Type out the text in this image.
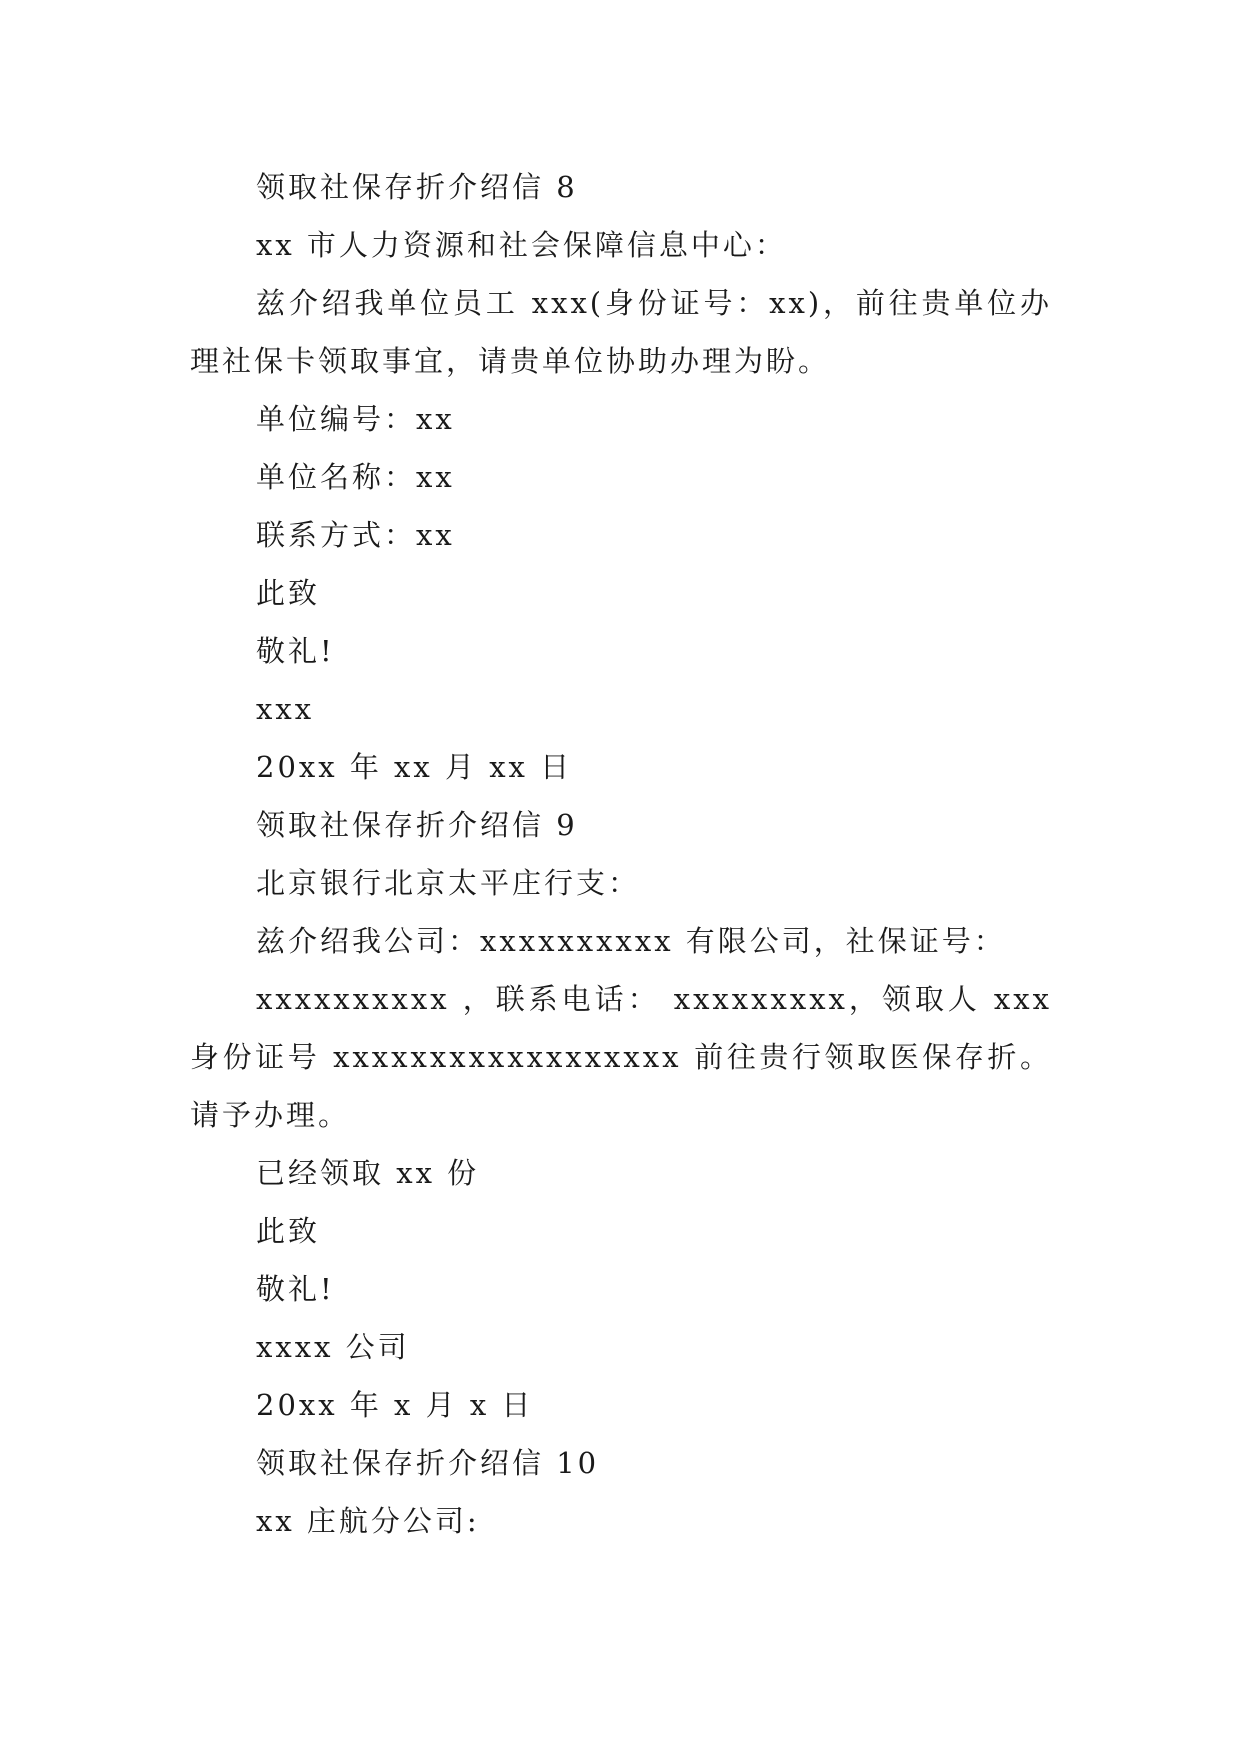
领取社保存折介绍信 8

xx 市人力资源和社会保障信息中心：

兹介绍我单位员工 xxx(身份证号：xx)，前往贵单位办理社保卡领取事宜，请贵单位协助办理为盼。

单位编号：xx

单位名称：xx

联系方式：xx

此致

敬礼!

xxx

20xx 年 xx 月 xx 日

领取社保存折介绍信 9

北京银行北京太平庄行支：

兹介绍我公司：xxxxxxxxxx 有限公司，社保证号：

xxxxxxxxxx ，联系电话： xxxxxxxxx，领取人 xxx 身份证号 xxxxxxxxxxxxxxxxxx 前往贵行领取医保存折。请予办理。

已经领取 xx 份

此致

敬礼!

xxxx 公司

20xx 年 x 月 x 日

领取社保存折介绍信 10

xx 庄航分公司:
